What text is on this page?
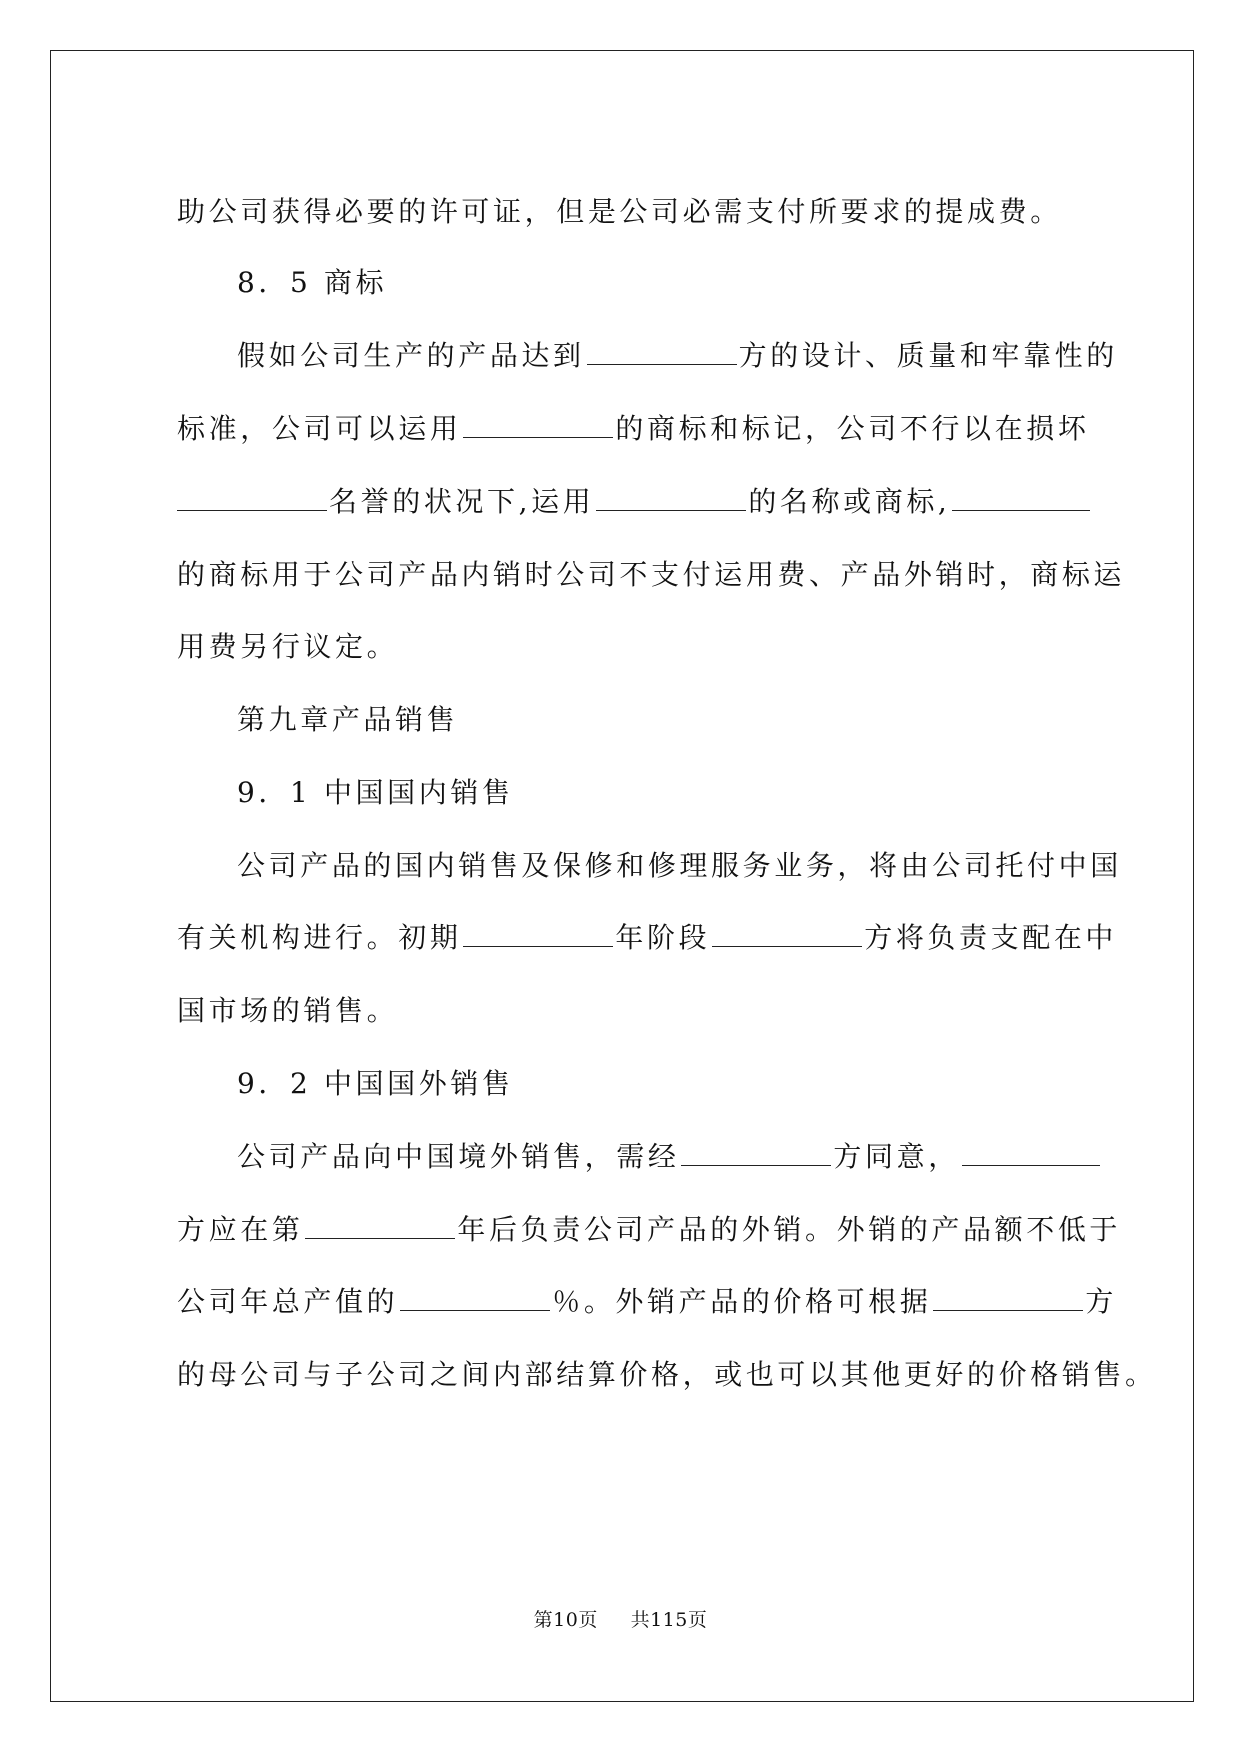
助公司获得必要的许可证，但是公司必需支付所要求的提成费。

8．5 商标

假如公司生产的产品达到	方的设计、质量和牢靠性的

标准，公司可以运用	的商标和标记，公司不行以在损坏

名誉的状况下,运用	的名称或商标,

的商标用于公司产品内销时公司不支付运用费、产品外销时，商标运

用费另行议定。

第九章产品销售

9．1 中国国内销售

公司产品的国内销售及保修和修理服务业务，将由公司托付中国

有关机构进行。初期	年阶段	方将负责支配在中

国市场的销售。

9．2 中国国外销售

公司产品向中国境外销售，需经	方同意，

方应在第	年后负责公司产品的外销。外销的产品额不低于

公司年总产值的	％。外销产品的价格可根据	方

的母公司与子公司之间内部结算价格，或也可以其他更好的价格销售。

第10页 共115页
